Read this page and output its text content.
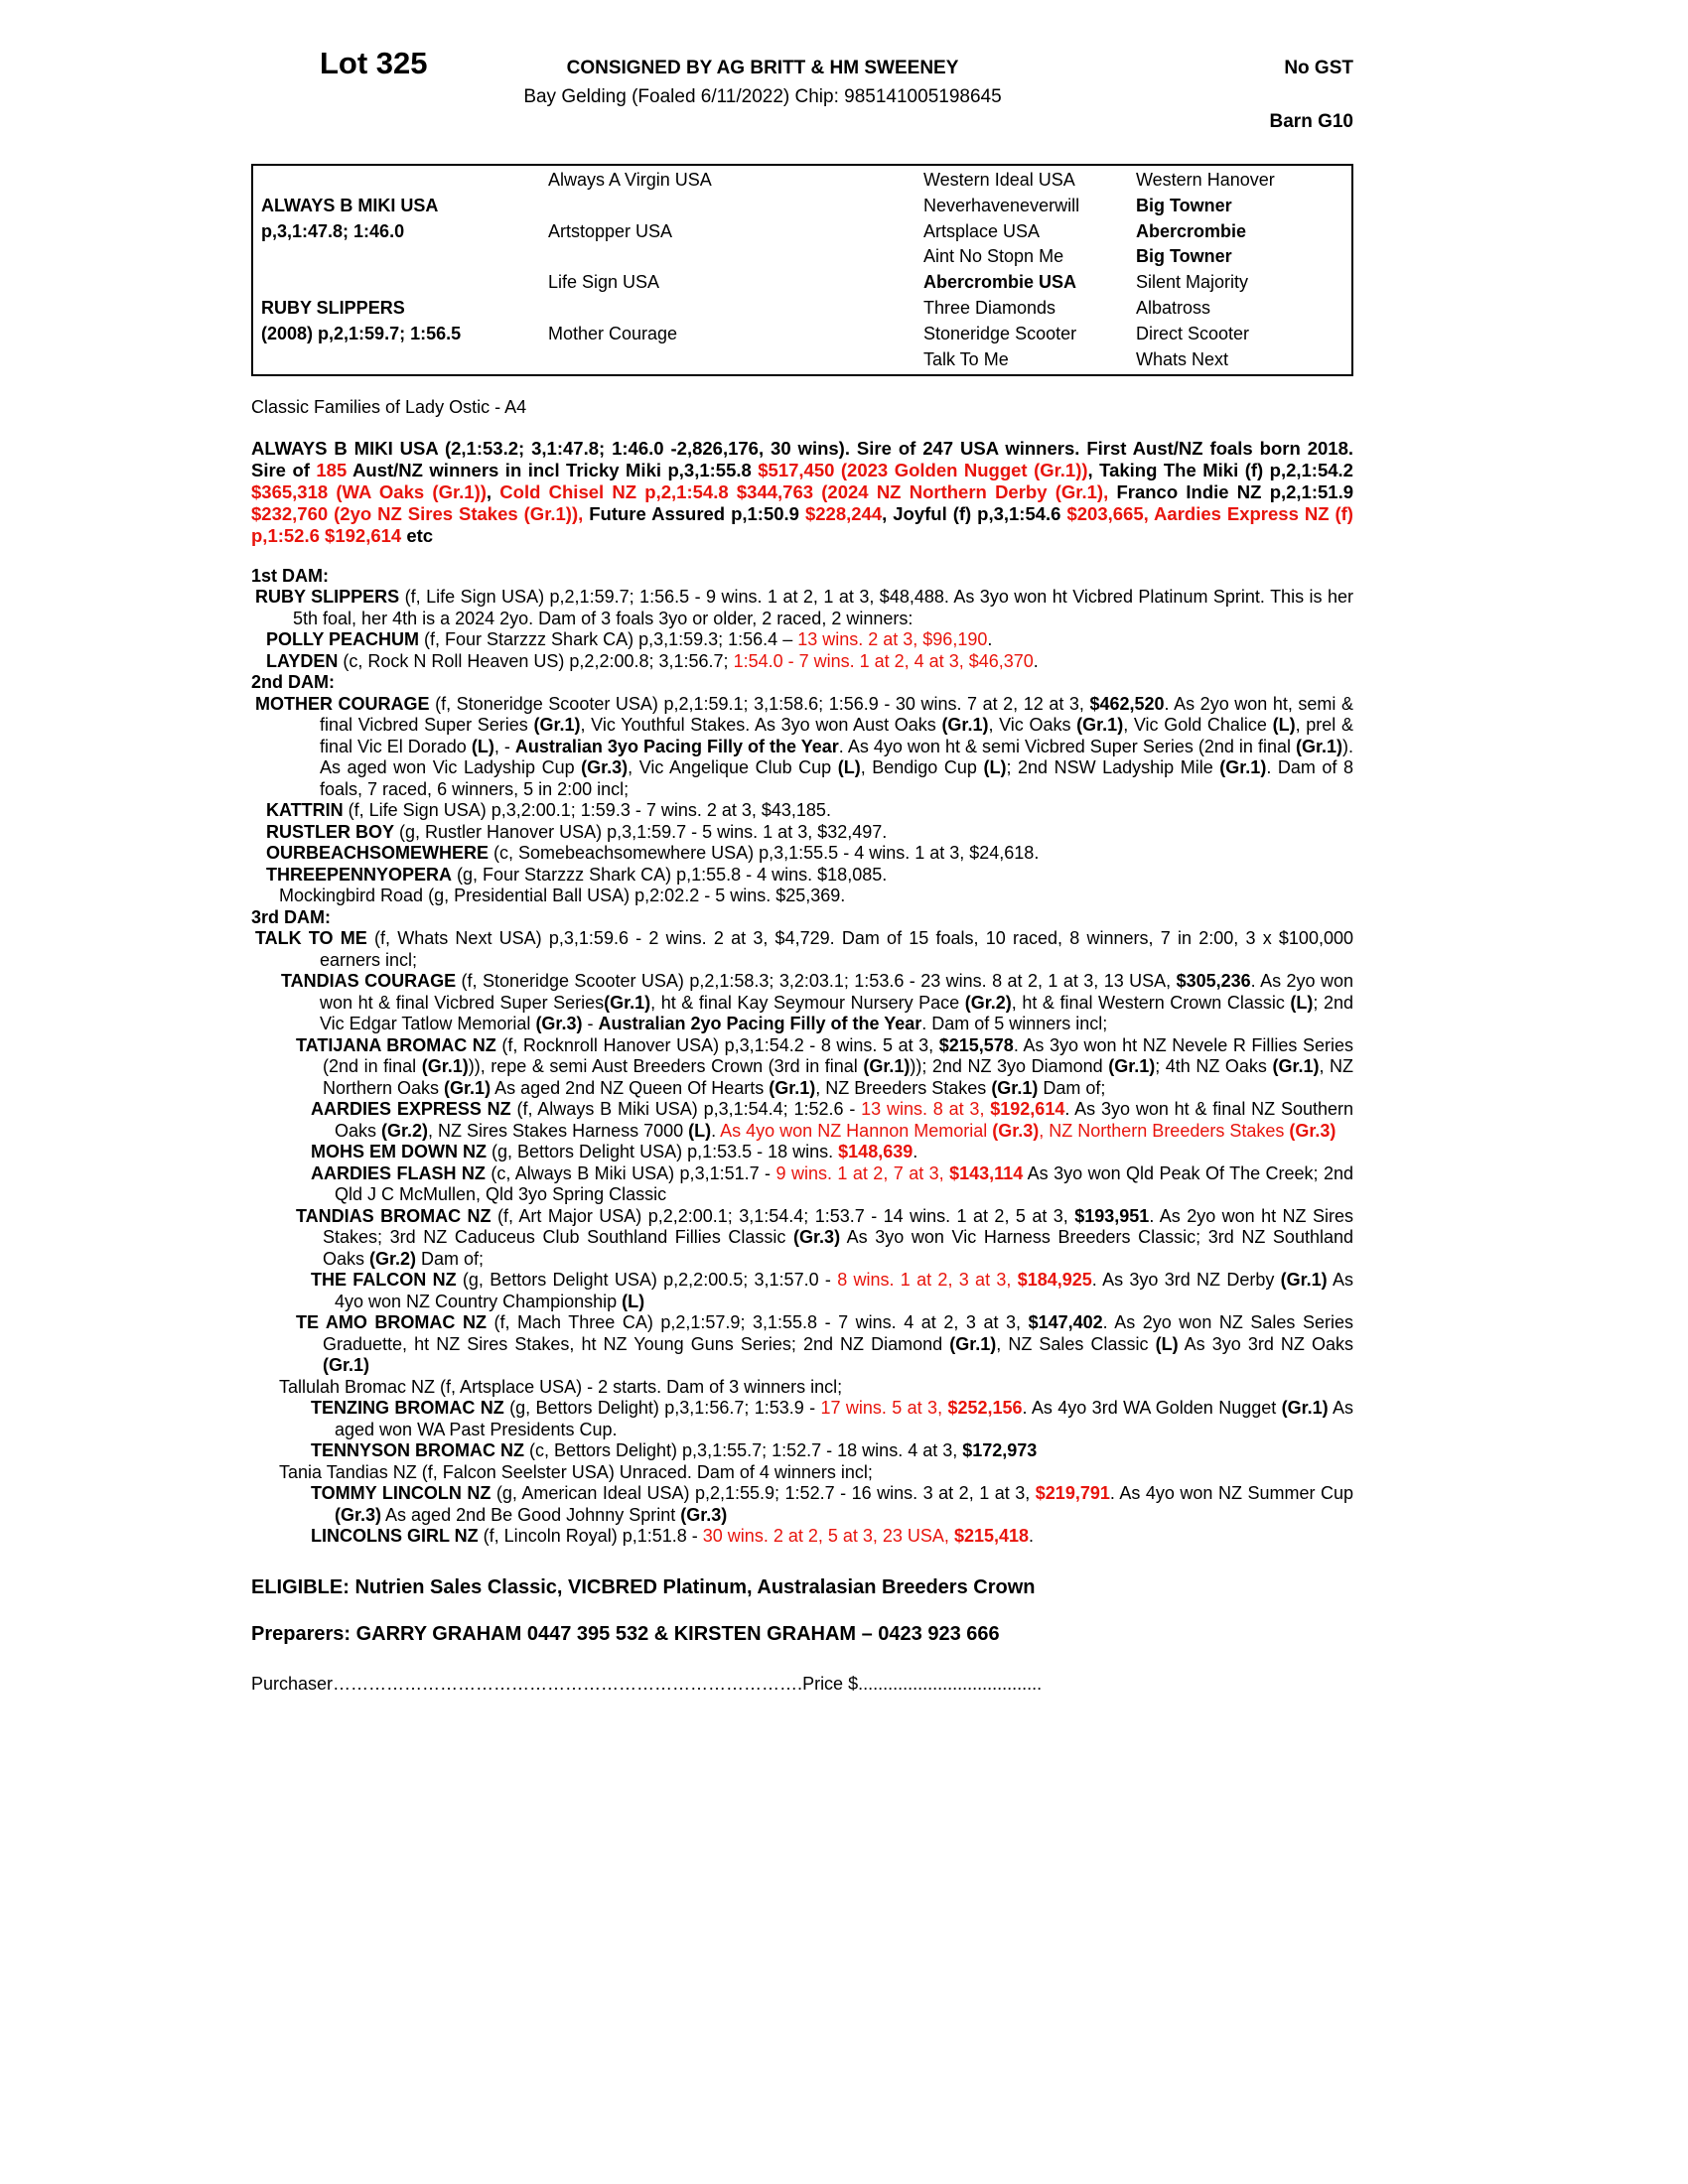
Lot 325	CONSIGNED BY AG BRITT & HM SWEENEY
Bay Gelding (Foaled 6/11/2022) Chip: 985141005198645
No GST
Barn G10
ALWAYS B MIKI USA
p,3,1:47.8; 1:46.0
RUBY SLIPPERS
(2008) p,2,1:59.7; 1:56.5
Always A Virgin USA
Artstopper USA
Life Sign USA
Mother Courage
Western Ideal USA
Neverhaveneverwill
Artsplace USA
Aint No Stopn Me
Abercrombie USA
Three Diamonds
Stoneridge Scooter
Talk To Me
Western Hanover
Big Towner
Abercrombie
Big Towner
Silent Majority
Albatross
Direct Scooter
Whats Next
Classic Families of Lady Ostic - A4
ALWAYS B MIKI USA (2,1:53.2; 3,1:47.8; 1:46.0 -2,826,176, 30 wins). Sire of 247 USA winners. First Aust/NZ foals born 2018. Sire of 185 Aust/NZ winners in incl Tricky Miki p,3,1:55.8 $517,450 (2023 Golden Nugget (Gr.1)), Taking The Miki (f) p,2,1:54.2 $365,318 (WA Oaks (Gr.1)), Cold Chisel NZ p,2,1:54.8 $344,763 (2024 NZ Northern Derby (Gr.1), Franco Indie NZ p,2,1:51.9 $232,760 (2yo NZ Sires Stakes (Gr.1)), Future Assured p,1:50.9 $228,244, Joyful (f) p,3,1:54.6 $203,665, Aardies Express NZ (f) p,1:52.6 $192,614 etc
1st DAM:
RUBY SLIPPERS (f, Life Sign USA) p,2,1:59.7; 1:56.5 - 9 wins. 1 at 2, 1 at 3, $48,488. As 3yo won ht Vicbred Platinum Sprint. This is her 5th foal, her 4th is a 2024 2yo. Dam of 3 foals 3yo or older, 2 raced, 2 winners:
POLLY PEACHUM (f, Four Starzzz Shark CA) p,3,1:59.3; 1:56.4 – 13 wins. 2 at 3, $96,190.
LAYDEN (c, Rock N Roll Heaven US) p,2,2:00.8; 3,1:56.7; 1:54.0 - 7 wins. 1 at 2, 4 at 3, $46,370.
2nd DAM:
MOTHER COURAGE (f, Stoneridge Scooter USA) p,2,1:59.1; 3,1:58.6; 1:56.9 - 30 wins. 7 at 2, 12 at 3, $462,520. As 2yo won ht, semi & final Vicbred Super Series (Gr.1), Vic Youthful Stakes. As 3yo won Aust Oaks (Gr.1), Vic Oaks (Gr.1), Vic Gold Chalice (L), prel & final Vic El Dorado (L), - Australian 3yo Pacing Filly of the Year. As 4yo won ht & semi Vicbred Super Series (2nd in final (Gr.1)). As aged won Vic Ladyship Cup (Gr.3), Vic Angelique Club Cup (L), Bendigo Cup (L); 2nd NSW Ladyship Mile (Gr.1). Dam of 8 foals, 7 raced, 6 winners, 5 in 2:00 incl;
KATTRIN (f, Life Sign USA) p,3,2:00.1; 1:59.3 - 7 wins. 2 at 3, $43,185.
RUSTLER BOY (g, Rustler Hanover USA) p,3,1:59.7 - 5 wins. 1 at 3, $32,497.
OURBEACHSOMEWHERE (c, Somebeachsomewhere USA) p,3,1:55.5 - 4 wins. 1 at 3, $24,618.
THREEPENNYOPERA (g, Four Starzzz Shark CA) p,1:55.8 - 4 wins. $18,085.
Mockingbird Road (g, Presidential Ball USA) p,2:02.2 - 5 wins. $25,369.
3rd DAM:
TALK TO ME (f, Whats Next USA) p,3,1:59.6 - 2 wins. 2 at 3, $4,729. Dam of 15 foals, 10 raced, 8 winners, 7 in 2:00, 3 x $100,000 earners incl;
TANDIAS COURAGE (f, Stoneridge Scooter USA) p,2,1:58.3; 3,2:03.1; 1:53.6 - 23 wins. 8 at 2, 1 at 3, 13 USA, $305,236. As 2yo won won ht & final Vicbred Super Series(Gr.1), ht & final Kay Seymour Nursery Pace (Gr.2), ht & final Western Crown Classic (L); 2nd Vic Edgar Tatlow Memorial (Gr.3) - Australian 2yo Pacing Filly of the Year. Dam of 5 winners incl;
TATIJANA BROMAC NZ (f, Rocknroll Hanover USA) p,3,1:54.2 - 8 wins. 5 at 3, $215,578. As 3yo won ht NZ Nevele R Fillies Series (2nd in final (Gr.1))), repe & semi Aust Breeders Crown (3rd in final (Gr.1))); 2nd NZ 3yo Diamond (Gr.1); 4th NZ Oaks (Gr.1), NZ Northern Oaks (Gr.1) As aged 2nd NZ Queen Of Hearts (Gr.1), NZ Breeders Stakes (Gr.1) Dam of;
AARDIES EXPRESS NZ (f, Always B Miki USA) p,3,1:54.4; 1:52.6 - 13 wins. 8 at 3, $192,614. As 3yo won ht & final NZ Southern Oaks (Gr.2), NZ Sires Stakes Harness 7000 (L). As 4yo won NZ Hannon Memorial (Gr.3), NZ Northern Breeders Stakes (Gr.3)
MOHS EM DOWN NZ (g, Bettors Delight USA) p,1:53.5 - 18 wins. $148,639.
AARDIES FLASH NZ (c, Always B Miki USA) p,3,1:51.7 - 9 wins. 1 at 2, 7 at 3, $143,114 As 3yo won Qld Peak Of The Creek; 2nd Qld J C McMullen, Qld 3yo Spring Classic
TANDIAS BROMAC NZ (f, Art Major USA) p,2,2:00.1; 3,1:54.4; 1:53.7 - 14 wins. 1 at 2, 5 at 3, $193,951. As 2yo won ht NZ Sires Stakes; 3rd NZ Caduceus Club Southland Fillies Classic (Gr.3) As 3yo won Vic Harness Breeders Classic; 3rd NZ Southland Oaks (Gr.2) Dam of;
THE FALCON NZ (g, Bettors Delight USA) p,2,2:00.5; 3,1:57.0 - 8 wins. 1 at 2, 3 at 3, $184,925. As 3yo 3rd NZ Derby (Gr.1) As 4yo won NZ Country Championship (L)
TE AMO BROMAC NZ (f, Mach Three CA) p,2,1:57.9; 3,1:55.8 - 7 wins. 4 at 2, 3 at 3, $147,402. As 2yo won NZ Sales Series Graduette, ht NZ Sires Stakes, ht NZ Young Guns Series; 2nd NZ Diamond (Gr.1), NZ Sales Classic (L) As 3yo 3rd NZ Oaks (Gr.1)
Tallulah Bromac NZ (f, Artsplace USA) - 2 starts. Dam of 3 winners incl;
TENZING BROMAC NZ (g, Bettors Delight) p,3,1:56.7; 1:53.9 - 17 wins. 5 at 3, $252,156. As 4yo 3rd WA Golden Nugget (Gr.1) As aged won WA Past Presidents Cup.
TENNYSON BROMAC NZ (c, Bettors Delight) p,3,1:55.7; 1:52.7 - 18 wins. 4 at 3, $172,973
Tania Tandias NZ (f, Falcon Seelster USA) Unraced. Dam of 4 winners incl;
TOMMY LINCOLN NZ (g, American Ideal USA) p,2,1:55.9; 1:52.7 - 16 wins. 3 at 2, 1 at 3, $219,791. As 4yo won NZ Summer Cup (Gr.3) As aged 2nd Be Good Johnny Sprint (Gr.3)
LINCOLNS GIRL NZ (f, Lincoln Royal) p,1:51.8 - 30 wins. 2 at 2, 5 at 3, 23 USA, $215,418.
ELIGIBLE: Nutrien Sales Classic, VICBRED Platinum, Australasian Breeders Crown
Preparers: GARRY GRAHAM 0447 395 532 & KIRSTEN GRAHAM – 0423 923 666
Purchaser…………………………………………………………………….Price $.....................................
